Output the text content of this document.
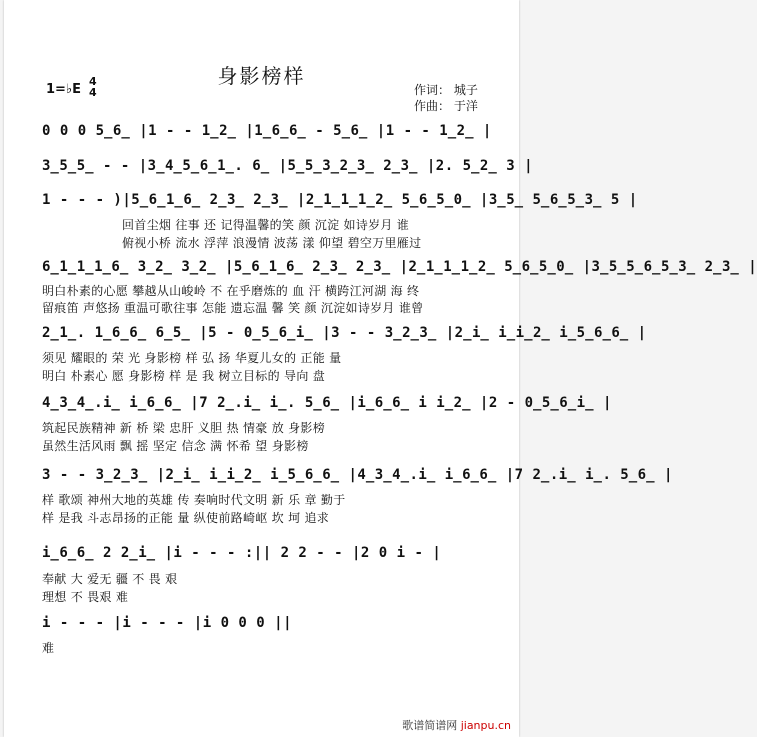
身影榜样
1=♭E
4
4	作词： 城子
作曲： 于洋
0 0 0 5̲6̲ |1 - - 1̲2̲ |1̲6̲6̲ - 5̲6̲ |1 - - 1̲2̲ |
3̲5̲5̲ - - |3̲4̲5̲6̲1̲. 6̲ |5̲5̲3̲2̲3̲ 2̲3̲ |2. 5̲2̲ 3 |
1 - - - )|5̲6̲1̲6̲ 2̲3̲ 2̲3̲ |2̲1̲1̲1̲2̲ 5̲6̲5̲0̲ |3̲5̲ 5̲6̲5̲3̲ 5 |
回首尘烟 往事 还 记得温馨的笑 颜 沉淀 如诗岁月 谁
俯视小桥 流水 浮萍 浪漫情 波荡 漾 仰望 碧空万里雁过
6̲1̲1̲1̲6̲ 3̲2̲ 3̲2̲ |5̲6̲1̲6̲ 2̲3̲ 2̲3̲ |2̲1̲1̲1̲2̲ 5̲6̲5̲0̲ |3̲5̲5̲6̲5̲3̲ 2̲3̲ |
明白朴素的心愿 攀越从山峻岭 不 在乎磨炼的 血 汗 横跨江河湖 海 终
留痕笛 声悠扬 重温可歌往事 怎能 遗忘温 馨 笑 颜 沉淀如诗岁月 谁曾
2̲1̲. 1̲6̲6̲ 6̲5̲ |5 - 0̲5̲6̲i̲ |3 - - 3̲2̲3̲ |2̲i̲ i̲i̲2̲ i̲5̲6̲6̲ |
须见 耀眼的 荣 光 身影榜 样 弘 扬 华夏儿女的 正能 量
明白 朴素心 愿 身影榜 样 是 我 树立目标的 导向 盘
4̲3̲4̲.i̲ i̲6̲6̲ |7 2̲.i̲ i̲. 5̲6̲ |i̲6̲6̲ i i̲2̲ |2 - 0̲5̲6̲i̲ |
筑起民族精神 新 桥 梁 忠肝 义胆 热 情豪 放 身影榜
虽然生活风雨 飘 摇 坚定 信念 满 怀希 望 身影榜
3 - - 3̲2̲3̲ |2̲i̲ i̲i̲2̲ i̲5̲6̲6̲ |4̲3̲4̲.i̲ i̲6̲6̲ |7 2̲.i̲ i̲. 5̲6̲ |
样 歌颂 神州大地的英雄 传 奏响时代文明 新 乐 章 勤于
样 是我 斗志昂扬的正能 量 纵使前路崎岖 坎 坷 追求
i̲6̲6̲ 2 2̲i̲ |i - - - :|| 2 2 - - |2 0 i - |
奉献 大 爱无 疆 不 畏 艰
理想 不 畏艰 难
i - - - |i - - - |i 0 0 0 ||
难
歌谱简谱网 jianpu.cn
